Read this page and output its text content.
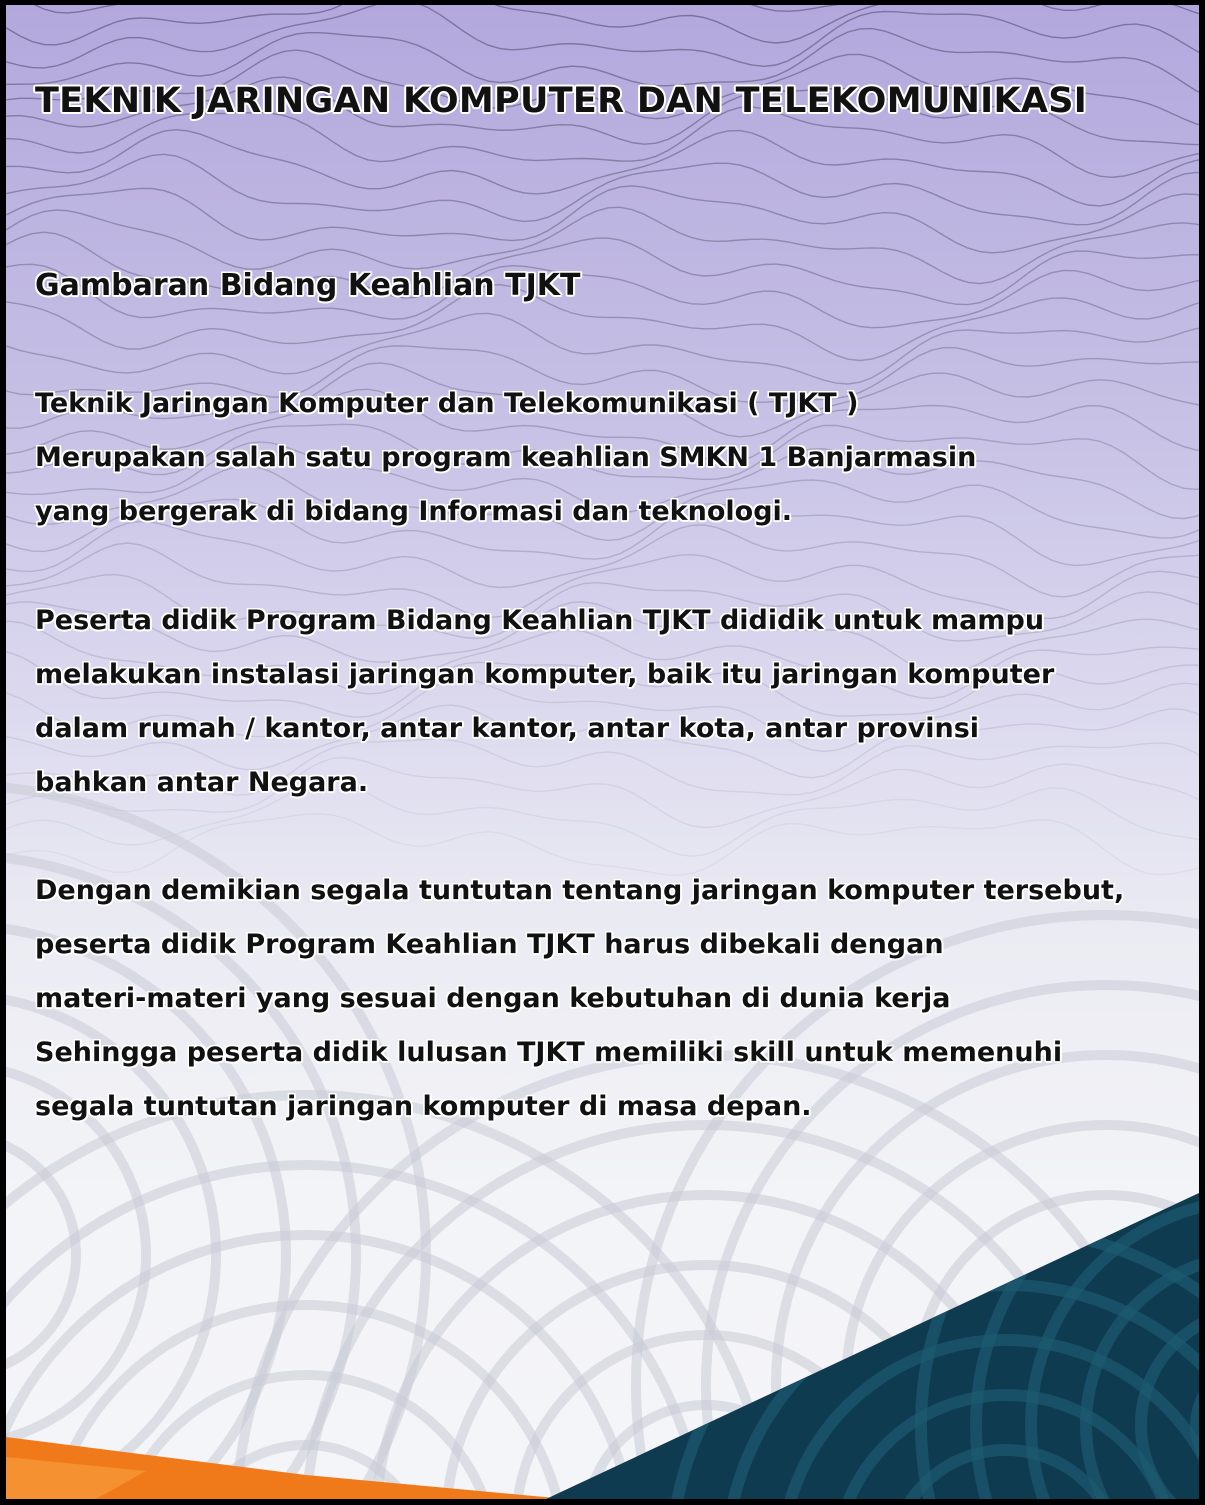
TEKNIK JARINGAN KOMPUTER DAN TELEKOMUNIKASI
Gambaran Bidang Keahlian TJKT

Teknik Jaringan Komputer dan Telekomunikasi ( TJKT )
Merupakan salah satu program keahlian SMKN 1 Banjarmasin
yang bergerak di bidang Informasi dan teknologi.

Peserta didik Program Bidang Keahlian TJKT dididik untuk mampu
melakukan instalasi jaringan komputer, baik itu jaringan komputer
dalam rumah / kantor, antar kantor, antar kota, antar provinsi
bahkan antar Negara.

Dengan demikian segala tuntutan tentang jaringan komputer tersebut,
peserta didik Program Keahlian TJKT harus dibekali dengan
materi-materi yang sesuai dengan kebutuhan di dunia kerja
Sehingga peserta didik lulusan TJKT memiliki skill untuk memenuhi
segala tuntutan jaringan komputer di masa depan.
